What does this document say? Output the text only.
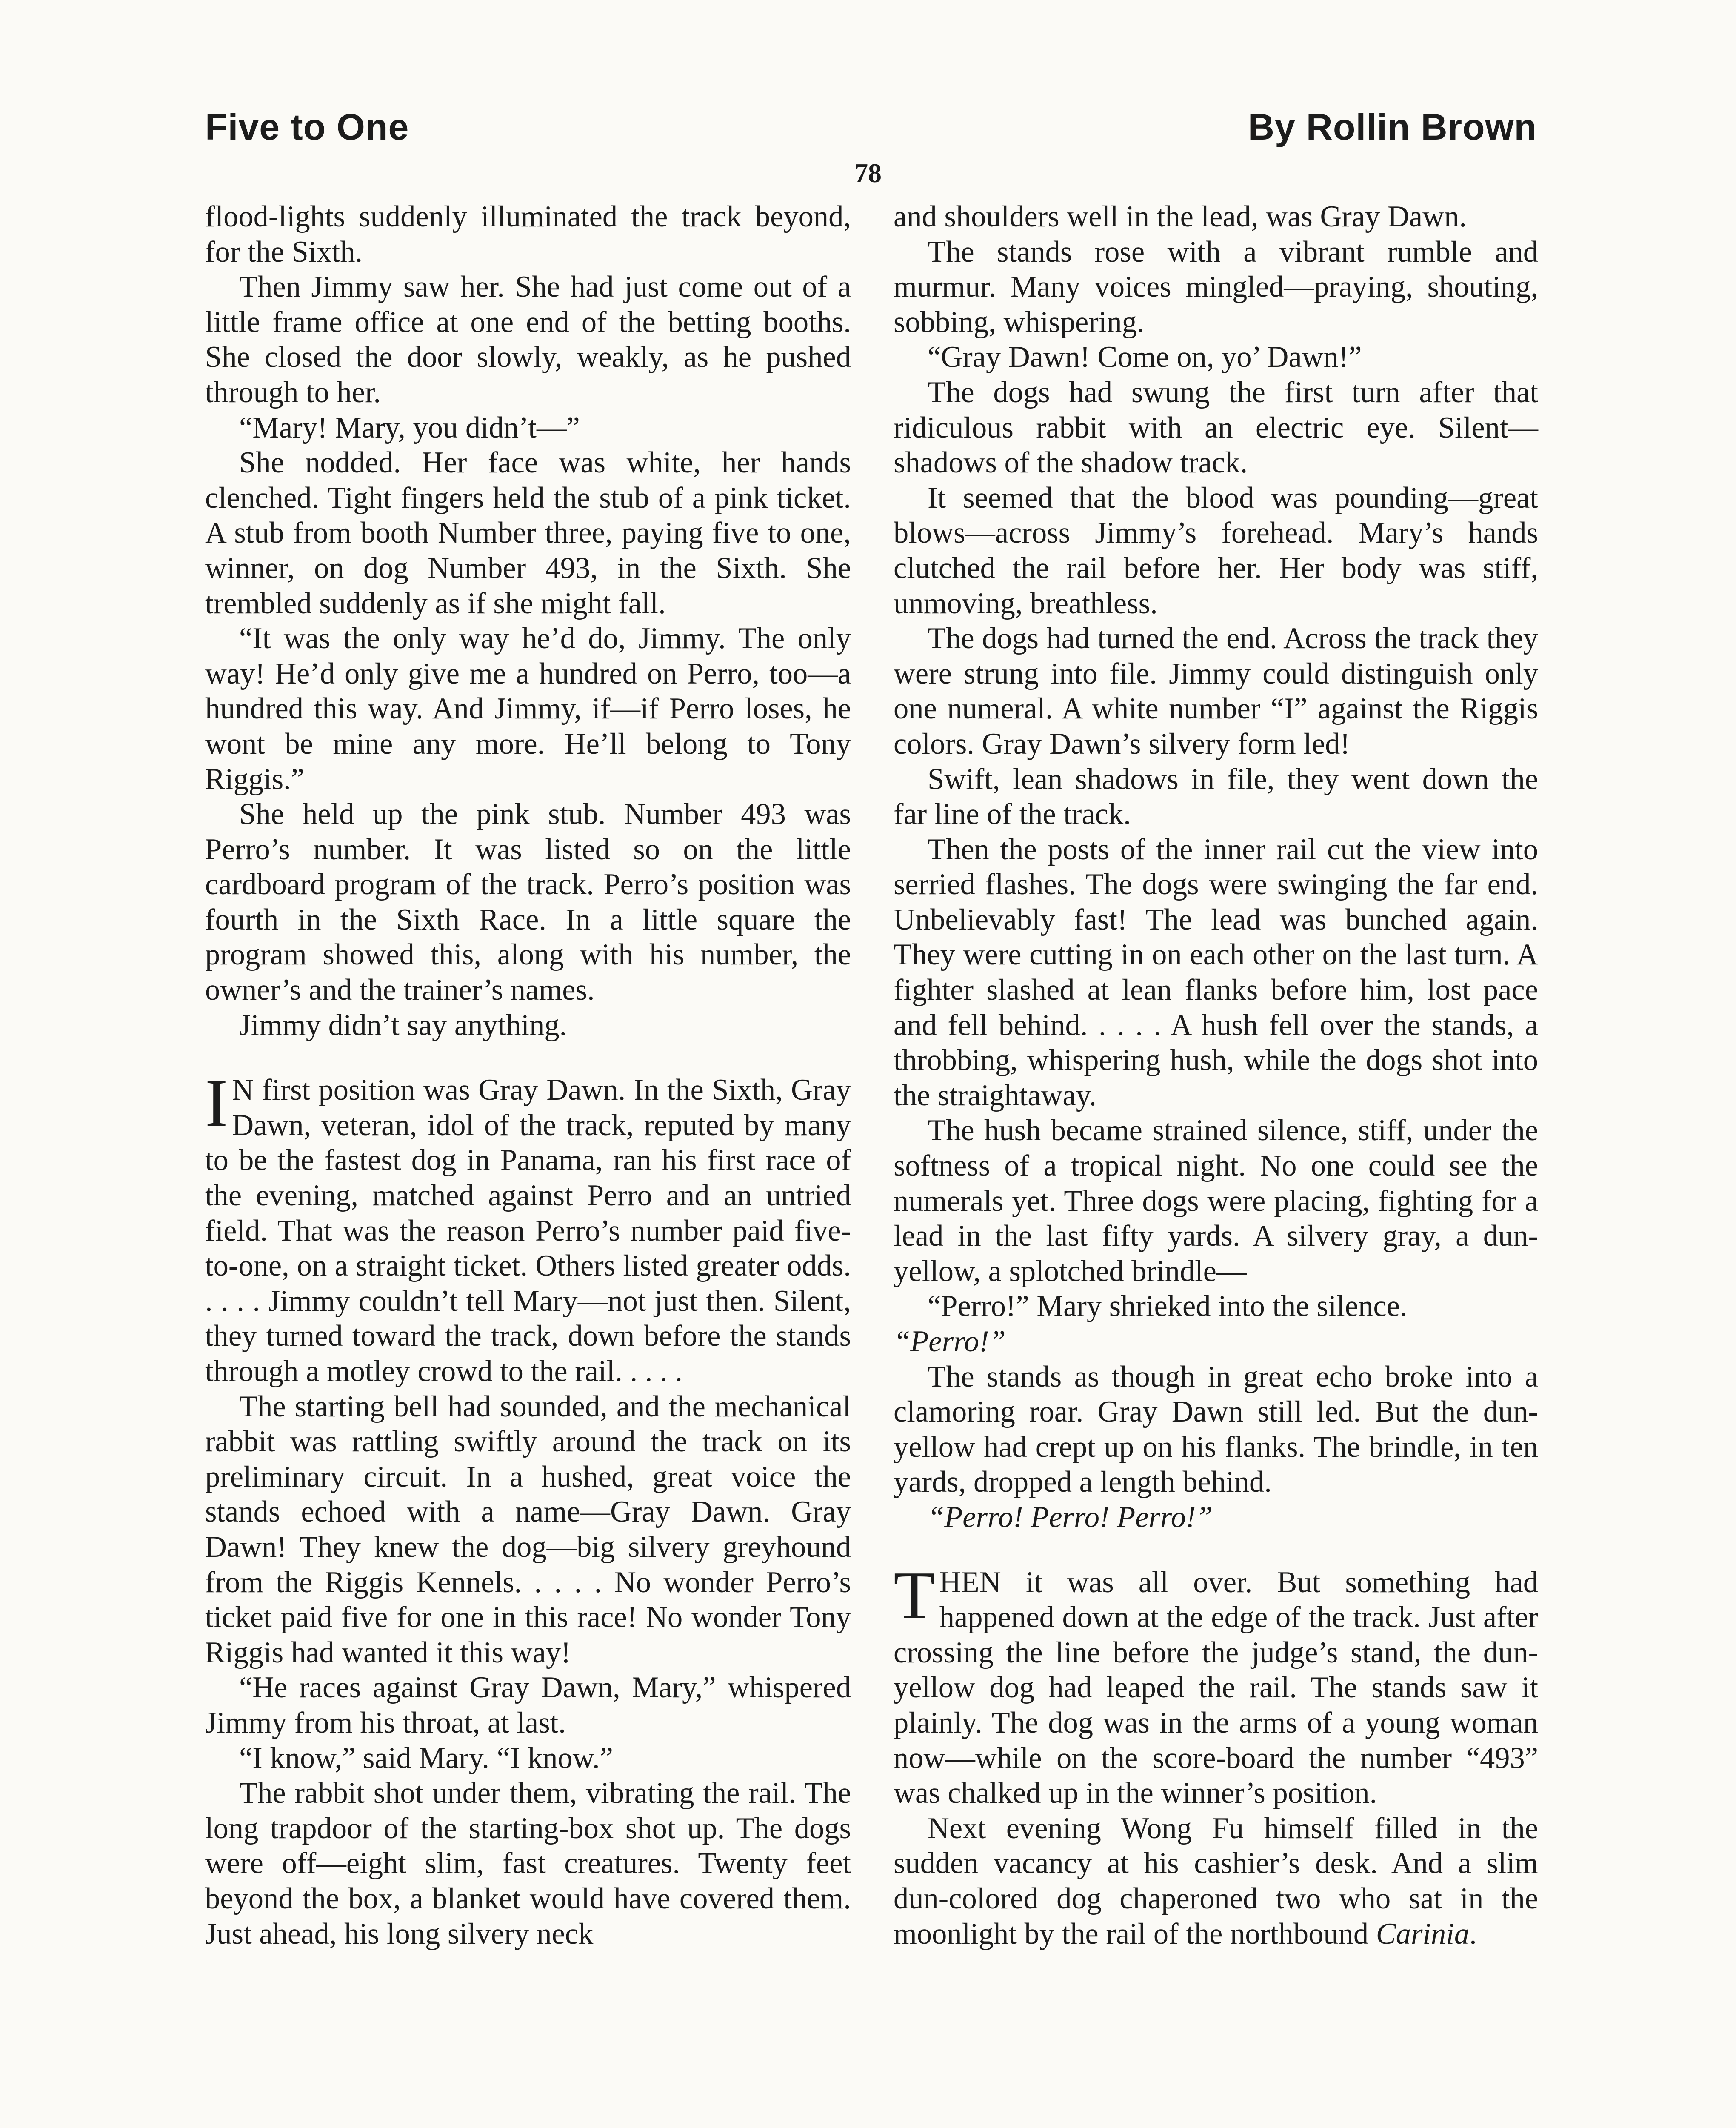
Five to One	By Rollin Brown
78

flood-lights suddenly illuminated the track beyond, for the Sixth.

Then Jimmy saw her. She had just come out of a little frame office at one end of the betting booths. She closed the door slowly, weakly, as he pushed through to her.

“Mary! Mary, you didn’t—”

She nodded. Her face was white, her hands clenched. Tight fingers held the stub of a pink ticket. A stub from booth Number three, paying five to one, winner, on dog Number 493, in the Sixth. She trembled suddenly as if she might fall.

“It was the only way he’d do, Jimmy. The only way! He’d only give me a hundred on Perro, too—a hundred this way. And Jimmy, if—if Perro loses, he wont be mine any more. He’ll belong to Tony Riggis.”

She held up the pink stub. Number 493 was Perro’s number. It was listed so on the little cardboard program of the track. Perro’s position was fourth in the Sixth Race. In a little square the program showed this, along with his number, the owner’s and the trainer’s names.

Jimmy didn’t say anything.

I N first position was Gray Dawn. In the Sixth, Gray Dawn, veteran, idol of the track, reputed by many to be the fastest dog in Panama, ran his first race of the evening, matched against Perro and an untried field. That was the reason Perro’s number paid five-to-one, on a straight ticket. Others listed greater odds. . . . . Jimmy couldn’t tell Mary—not just then. Silent, they turned toward the track, down before the stands through a motley crowd to the rail. . . . .

The starting bell had sounded, and the mechanical rabbit was rattling swiftly around the track on its preliminary circuit. In a hushed, great voice the stands echoed with a name—Gray Dawn. Gray Dawn! They knew the dog—big silvery greyhound from the Riggis Kennels. . . . . No wonder Perro’s ticket paid five for one in this race! No wonder Tony Riggis had wanted it this way!

“He races against Gray Dawn, Mary,” whispered Jimmy from his throat, at last.

“I know,” said Mary. “I know.”

The rabbit shot under them, vibrating the rail. The long trapdoor of the starting-box shot up. The dogs were off—eight slim, fast creatures. Twenty feet beyond the box, a blanket would have covered them. Just ahead, his long silvery neck

and shoulders well in the lead, was Gray Dawn.

The stands rose with a vibrant rumble and murmur. Many voices mingled—praying, shouting, sobbing, whispering.

“Gray Dawn! Come on, yo’ Dawn!”

The dogs had swung the first turn after that ridiculous rabbit with an electric eye. Silent—shadows of the shadow track.

It seemed that the blood was pounding—great blows—across Jimmy’s forehead. Mary’s hands clutched the rail before her. Her body was stiff, unmoving, breathless.

The dogs had turned the end. Across the track they were strung into file. Jimmy could distinguish only one numeral. A white number “I” against the Riggis colors. Gray Dawn’s silvery form led!

Swift, lean shadows in file, they went down the far line of the track.

Then the posts of the inner rail cut the view into serried flashes. The dogs were swinging the far end. Unbelievably fast! The lead was bunched again. They were cutting in on each other on the last turn. A fighter slashed at lean flanks before him, lost pace and fell behind. . . . . A hush fell over the stands, a throbbing, whispering hush, while the dogs shot into the straightaway.

The hush became strained silence, stiff, under the softness of a tropical night. No one could see the numerals yet. Three dogs were placing, fighting for a lead in the last fifty yards. A silvery gray, a dun-yellow, a splotched brindle—

“Perro!” Mary shrieked into the silence.

“Perro!”

The stands as though in great echo broke into a clamoring roar. Gray Dawn still led. But the dun-yellow had crept up on his flanks. The brindle, in ten yards, dropped a length behind.

“Perro! Perro! Perro!”

THEN it was all over. But something had happened down at the edge of the track. Just after crossing the line before the judge’s stand, the dun-yellow dog had leaped the rail. The stands saw it plainly. The dog was in the arms of a young woman now—while on the score-board the number “493” was chalked up in the winner’s position.

Next evening Wong Fu himself filled in the sudden vacancy at his cashier’s desk. And a slim dun-colored dog chaperoned two who sat in the moonlight by the rail of the northbound Carinia.
